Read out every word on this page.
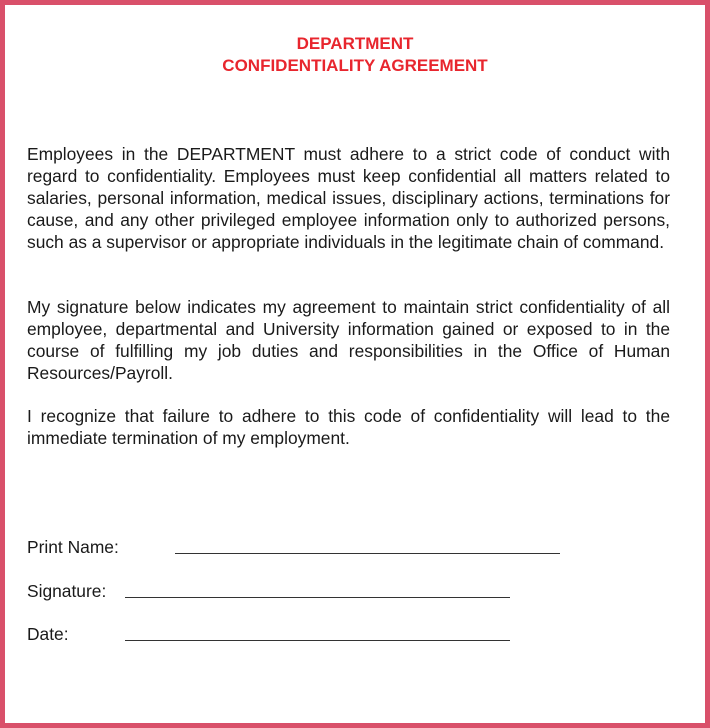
DEPARTMENT
CONFIDENTIALITY AGREEMENT

Employees in the DEPARTMENT must adhere to a strict code of conduct with regard to confidentiality. Employees must keep confidential all matters related to salaries, personal information, medical issues, disciplinary actions, terminations for cause, and any other privileged employee information only to authorized persons, such as a supervisor or appropriate individuals in the legitimate chain of command.

My signature below indicates my agreement to maintain strict confidentiality of all employee, departmental and University information gained or exposed to in the course of fulfilling my job duties and responsibilities in the Office of Human Resources/Payroll.

I recognize that failure to adhere to this code of confidentiality will lead to the immediate termination of my employment.

Print Name:
Signature:
Date:
